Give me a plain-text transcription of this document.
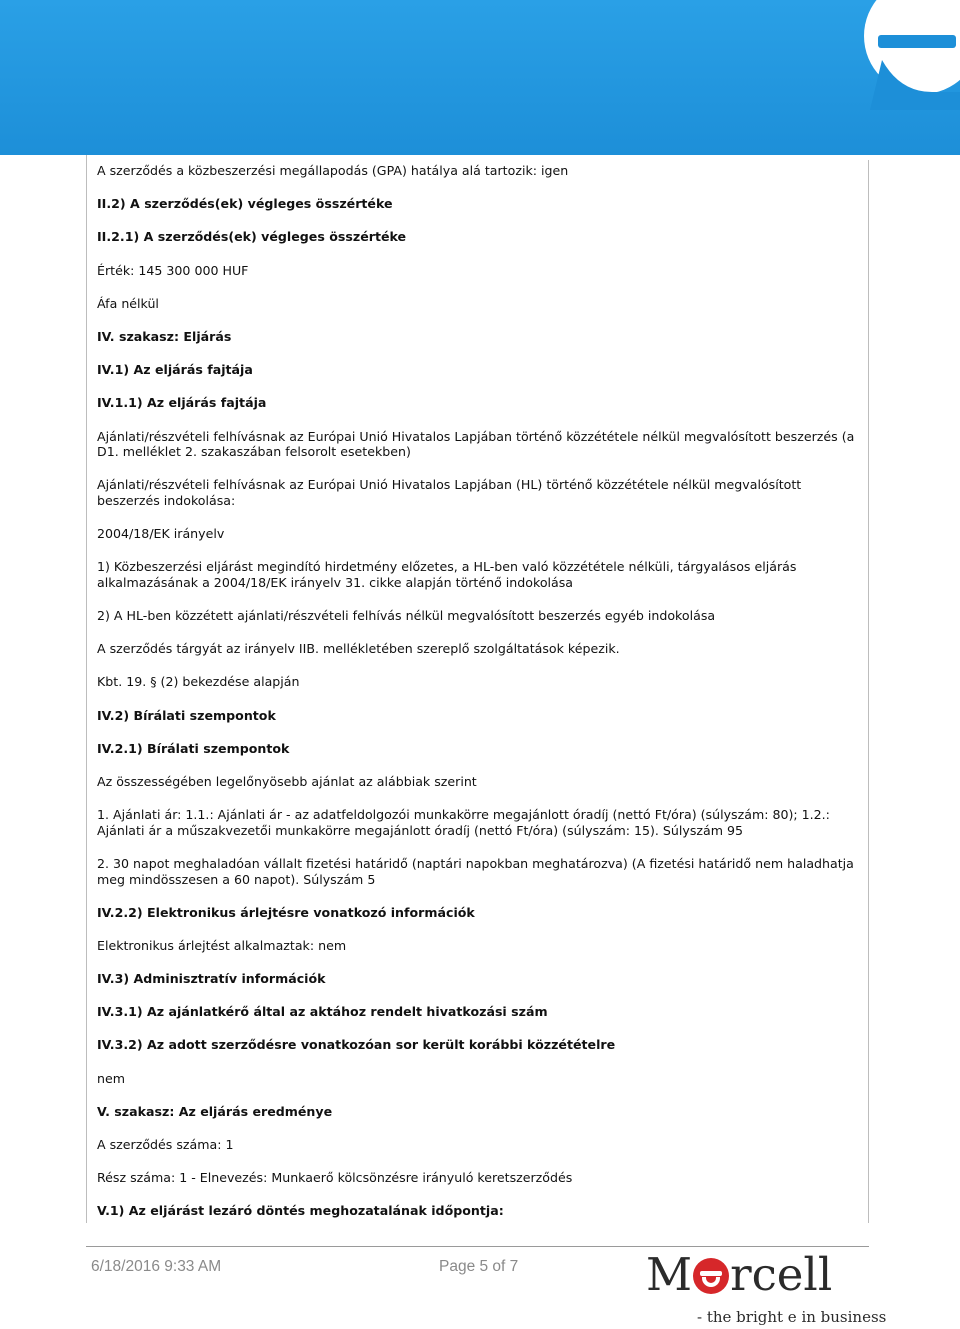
A szerződés a közbeszerzési megállapodás (GPA) hatálya alá tartozik: igen

II.2) A szerződés(ek) végleges összértéke

II.2.1) A szerződés(ek) végleges összértéke

Érték: 145 300 000 HUF

Áfa nélkül

IV. szakasz: Eljárás

IV.1) Az eljárás fajtája

IV.1.1) Az eljárás fajtája

Ajánlati/részvételi felhívásnak az Európai Unió Hivatalos Lapjában történő közzététele nélkül megvalósított beszerzés (a D1. melléklet 2. szakaszában felsorolt esetekben)

Ajánlati/részvételi felhívásnak az Európai Unió Hivatalos Lapjában (HL) történő közzététele nélkül megvalósított beszerzés indokolása:

2004/18/EK irányelv

1) Közbeszerzési eljárást megindító hirdetmény előzetes, a HL-ben való közzététele nélküli, tárgyalásos eljárás alkalmazásának a 2004/18/EK irányelv 31. cikke alapján történő indokolása

2) A HL-ben közzétett ajánlati/részvételi felhívás nélkül megvalósított beszerzés egyéb indokolása

A szerződés tárgyát az irányelv IIB. mellékletében szereplő szolgáltatások képezik.

Kbt. 19. § (2) bekezdése alapján

IV.2) Bírálati szempontok

IV.2.1) Bírálati szempontok

Az összességében legelőnyösebb ajánlat az alábbiak szerint

1. Ajánlati ár: 1.1.: Ajánlati ár - az adatfeldolgozói munkakörre megajánlott óradíj (nettó Ft/óra) (súlyszám: 80); 1.2.: Ajánlati ár a műszakvezetői munkakörre megajánlott óradíj (nettó Ft/óra) (súlyszám: 15). Súlyszám 95

2. 30 napot meghaladóan vállalt fizetési határidő (naptári napokban meghatározva) (A fizetési határidő nem haladhatja meg mindösszesen a 60 napot). Súlyszám 5

IV.2.2) Elektronikus árlejtésre vonatkozó információk

Elektronikus árlejtést alkalmaztak: nem

IV.3) Adminisztratív információk

IV.3.1) Az ajánlatkérő által az aktához rendelt hivatkozási szám

IV.3.2) Az adott szerződésre vonatkozóan sor került korábbi közzétételre

nem

V. szakasz: Az eljárás eredménye

A szerződés száma: 1

Rész száma: 1 - Elnevezés: Munkaerő kölcsönzésre irányuló keretszerződés

V.1) Az eljárást lezáró döntés meghozatalának időpontja:

6/18/2016 9:33 AM	Page 5 of 7	M rcell
- the bright e in business
